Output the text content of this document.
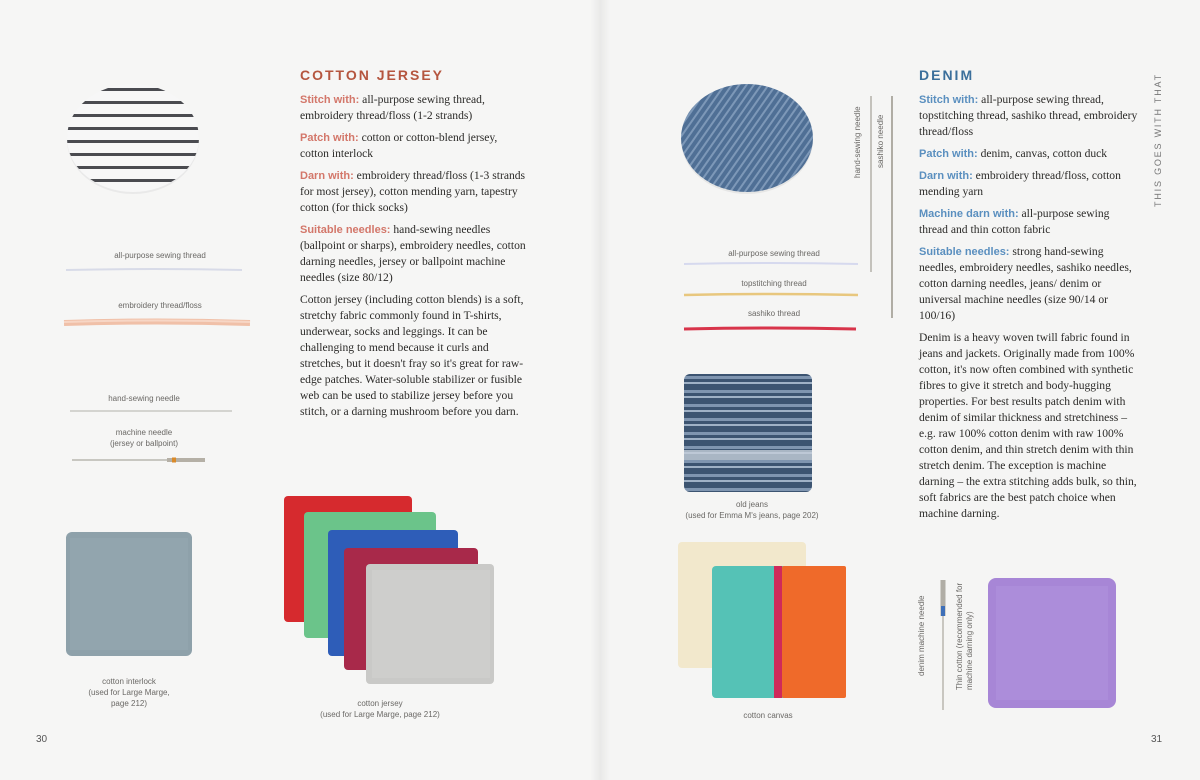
all-purpose sewing thread
embroidery thread/floss
hand-sewing needle
machine needle
(jersey or ballpoint)
cotton interlock
(used for Large Marge,
page 212)	cotton jersey
(used for Large Marge, page 212)
COTTON JERSEY

Stitch with: all-purpose sewing thread, embroidery thread/floss (1-2 strands)

Patch with: cotton or cotton-blend jersey, cotton interlock

Darn with: embroidery thread/floss (1-3 strands for most jersey), cotton mending yarn, tapestry cotton (for thick socks)

Suitable needles: hand-sewing needles (ballpoint or sharps), embroidery needles, cotton darning needles, jersey or ballpoint machine needles (size 80/12)

Cotton jersey (including cotton blends) is a soft, stretchy fabric commonly found in T-shirts, underwear, socks and leggings. It can be challenging to mend because it curls and stretches, but it doesn't fray so it's great for raw-edge patches. Water-soluble stabilizer or fusible web can be used to stabilize jersey before you stitch, or a darning mushroom before you darn.

30
all-purpose sewing thread
topstitching thread
sashiko thread
hand-sewing needle sashiko needle
old jeans
(used for Emma M's jeans, page 202)
cotton canvas
denim machine needle	Thin cotton (recommended for machine darning only)
DENIM

Stitch with: all-purpose sewing thread, topstitching thread, sashiko thread, embroidery thread/floss

Patch with: denim, canvas, cotton duck

Darn with: embroidery thread/floss, cotton mending yarn

Machine darn with: all-purpose sewing thread and thin cotton fabric

Suitable needles: strong hand-sewing needles, embroidery needles, sashiko needles, cotton darning needles, jeans/ denim or universal machine needles (size 90/14 or 100/16)

Denim is a heavy woven twill fabric found in jeans and jackets. Originally made from 100% cotton, it's now often combined with synthetic fibres to give it stretch and body-hugging properties. For best results patch denim with denim of similar thickness and stretchiness – e.g. raw 100% cotton denim with raw 100% cotton denim, and thin stretch denim with thin stretch denim. The exception is machine darning – the extra stitching adds bulk, so thin, soft fabrics are the best patch choice when machine darning.

THIS GOES WITH THAT
31
